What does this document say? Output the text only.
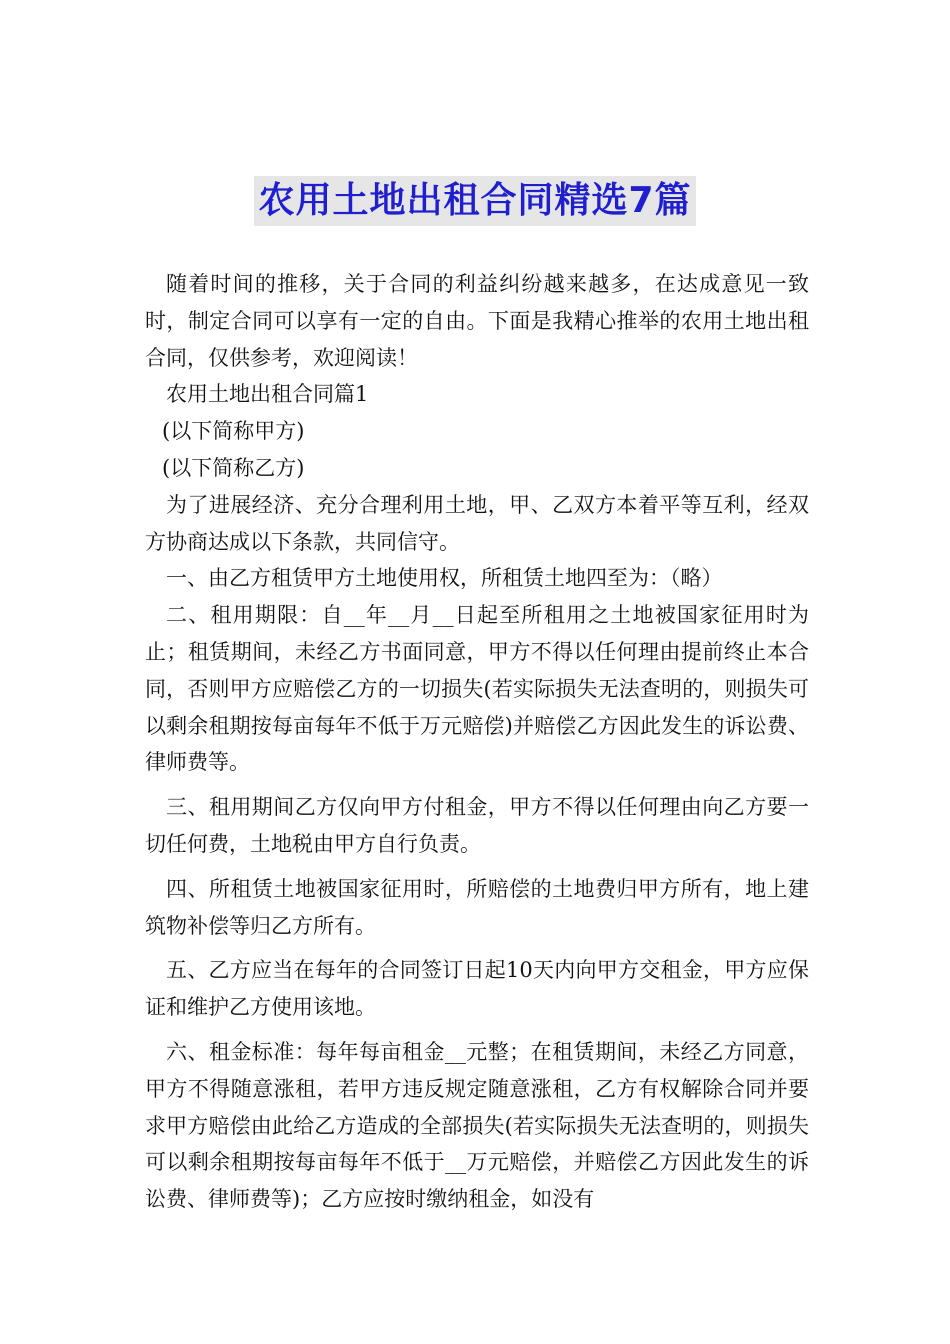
农用土地出租合同精选7篇

随着时间的推移，关于合同的利益纠纷越来越多，在达成意见一致时，制定合同可以享有一定的自由。下面是我精心推举的农用土地出租合同，仅供参考，欢迎阅读！

农用土地出租合同篇1

(以下简称甲方)

(以下简称乙方)

为了进展经济、充分合理利用土地，甲、乙双方本着平等互利，经双方协商达成以下条款，共同信守。

一、由乙方租赁甲方土地使用权，所租赁土地四至为：（略）

二、租用期限：自__年__月__日起至所租用之土地被国家征用时为止；租赁期间，未经乙方书面同意，甲方不得以任何理由提前终止本合同，否则甲方应赔偿乙方的一切损失(若实际损失无法查明的，则损失可以剩余租期按每亩每年不低于万元赔偿)并赔偿乙方因此发生的诉讼费、律师费等。

三、租用期间乙方仅向甲方付租金，甲方不得以任何理由向乙方要一切任何费，土地税由甲方自行负责。

四、所租赁土地被国家征用时，所赔偿的土地费归甲方所有，地上建筑物补偿等归乙方所有。

五、乙方应当在每年的合同签订日起10天内向甲方交租金，甲方应保证和维护乙方使用该地。

六、租金标准：每年每亩租金__元整；在租赁期间，未经乙方同意，甲方不得随意涨租，若甲方违反规定随意涨租，乙方有权解除合同并要求甲方赔偿由此给乙方造成的全部损失(若实际损失无法查明的，则损失可以剩余租期按每亩每年不低于__万元赔偿，并赔偿乙方因此发生的诉讼费、律师费等)；乙方应按时缴纳租金，如没有
